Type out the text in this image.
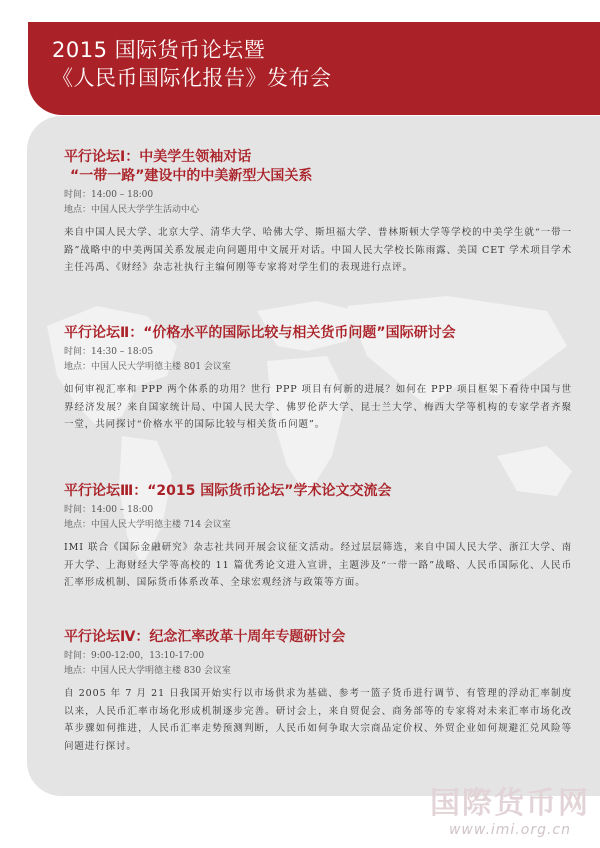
2015 国际货币论坛暨
《人民币国际化报告》发布会
平行论坛Ⅰ：中美学生领袖对话
“一带一路”建设中的中美新型大国关系
时间：14:00 – 18:00
地点：中国人民大学学生活动中心
来自中国人民大学、北京大学、清华大学、哈佛大学、斯坦福大学、普林斯顿大学等学校的中美学生就“一带一路”战略中的中美两国关系发展走向问题用中文展开对话。中国人民大学校长陈雨露、美国 CET 学术项目学术主任冯禹、《财经》杂志社执行主编何刚等专家将对学生们的表现进行点评。
平行论坛Ⅱ：“价格水平的国际比较与相关货币问题”国际研讨会
时间：14:30 – 18:05
地点：中国人民大学明德主楼 801 会议室
如何审视汇率和 PPP 两个体系的功用？世行 PPP 项目有何新的进展？如何在 PPP 项目框架下看待中国与世界经济发展？来自国家统计局、中国人民大学、佛罗伦萨大学、昆士兰大学、梅西大学等机构的专家学者齐聚一堂，共同探讨“价格水平的国际比较与相关货币问题”。
平行论坛Ⅲ：“2015 国际货币论坛”学术论文交流会
时间：14:00 – 18:00
地点：中国人民大学明德主楼 714 会议室
IMI 联合《国际金融研究》杂志社共同开展会议征文活动。经过层层筛选，来自中国人民大学、浙江大学、南开大学、上海财经大学等高校的 11 篇优秀论文进入宣讲，主题涉及“一带一路”战略、人民币国际化、人民币汇率形成机制、国际货币体系改革、全球宏观经济与政策等方面。
平行论坛Ⅳ：纪念汇率改革十周年专题研讨会
时间：9:00-12:00，13:10-17:00
地点：中国人民大学明德主楼 830 会议室
自 2005 年 7 月 21 日我国开始实行以市场供求为基础、参考一篮子货币进行调节、有管理的浮动汇率制度以来，人民币汇率市场化形成机制逐步完善。研讨会上，来自贸促会、商务部等的专家将对未来汇率市场化改革步骤如何推进，人民币汇率走势预测判断，人民币如何争取大宗商品定价权、外贸企业如何规避汇兑风险等问题进行探讨。
国際货币网
www.imi.org.cn
